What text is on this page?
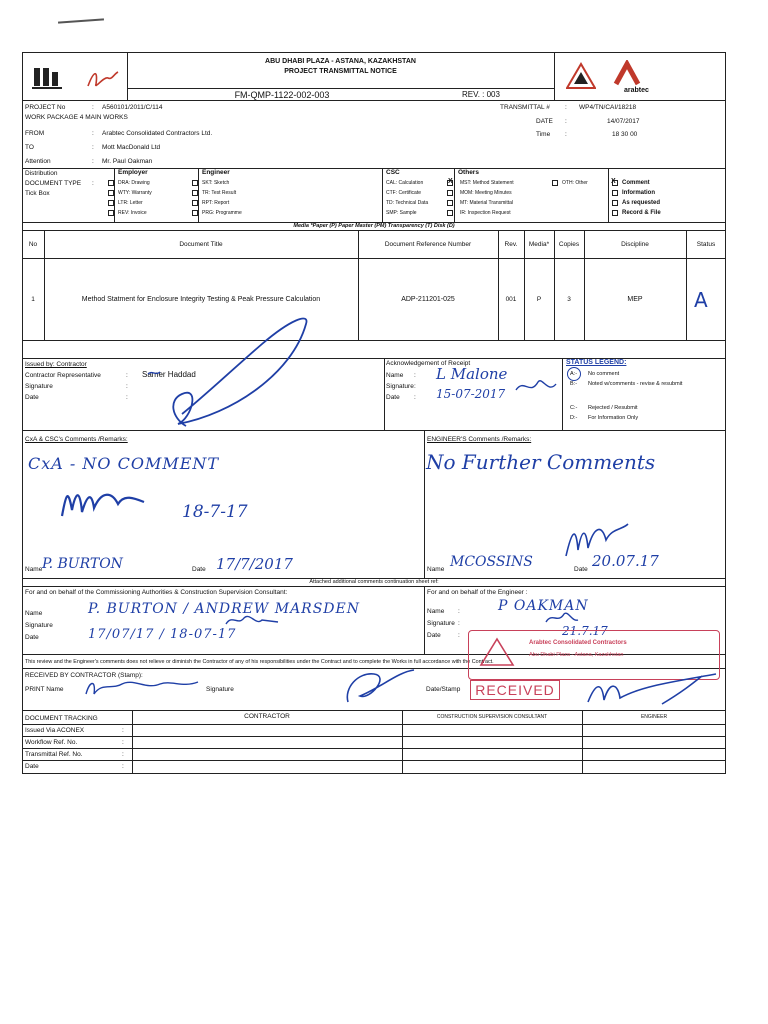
ABU DHABI PLAZA - ASTANA, KAZAKHSTAN
PROJECT TRANSMITTAL NOTICE
FM-QMP-1122-002-003	REV. : 003	arabtec
PROJECT No	: A560101/2011/C/114
WORK PACKAGE 4 MAIN WORKS
FROM	: Arabtec Consolidated Contractors Ltd.
TO	: Mott MacDonald Ltd
Attention	: Mr. Paul Oakman
TRANSMITTAL # : WP4/TN/CAI/18218
DATE :	14/07/2017
Time :	18 30 00
Distribution
DOCUMENT TYPE :
Tick Box
Employer
DRA: Drawing
WTY: Warranty
LTR: Letter
REV: Invoice
Engineer
SKT: Sketch
TR: Test Result
RPT: Report
PRG: Programme
CSC
CAL: Calculation
CTF: Certificate
TD: Technical Data
SMP: Sample
X
Others
MST: Method Statement
MOM: Meeting Minutes
MT: Material Transmittal
IR: Inspection Request
OTH: Other	X Comment
Information
As requested
Record & File
Media *Paper (P) Paper Master (PM) Transparency (T) Disk (D)
No	Document Title	Document Reference Number	Rev.	Media*	Copies	Discipline	Status
1	Method Statment for Enclosure Integrity Testing & Peak Pressure Calculation	ADP-211201-025	001	P	3	MEP	A
Issued by: Contractor
Contractor Representative	: Samer Haddad
Signature	:
Date	:
Acknowledgement of Receipt
Name : L Malone
Signature :
Date : 15-07-2017
STATUS LEGEND:
A:- No comment
B:- Noted w/comments - revise & resubmit
C:- Rejected / Resubmit
D:- For Information Only
CxA & CSC's Comments /Remarks:
CxA - NO COMMENT
18-7-17
Name P. BURTON	Date 17/7/2017
ENGINEER'S Comments /Remarks:
No Further Comments
Name MCOSSINS	Date 20.07.17
Attached additional comments continuation sheet ref:
For and on behalf of the Commissioning Authorities & Construction Supervision Consultant:
Name
Signature
Date
P. BURTON / ANDREW MARSDEN
17/07/17 / 18-07-17
For and on behalf of the Engineer :
Name :	P OAKMAN
Signature :
Date	:	21.7.17
This review and the Engineer's comments does not relieve or diminish the Contractor of any of his responsibilities under the Contract and to complete the Works in full accordance with the Contract.
RECEIVED BY CONTRACTOR (Stamp):
PRINT Name	Signature	Date/Stamp
Arabtec Consolidated Contractors
Abu Dhabi Plaza - Astana, Kazakhstan
RECEIVED
DOCUMENT TRACKING	CONTRACTOR	CONSTRUCTION SUPERVISION CONSULTANT	ENGINEER
Issued Via ACONEX	:
Workflow Ref. No.	:
Transmittal Ref. No.	:
Date	:
